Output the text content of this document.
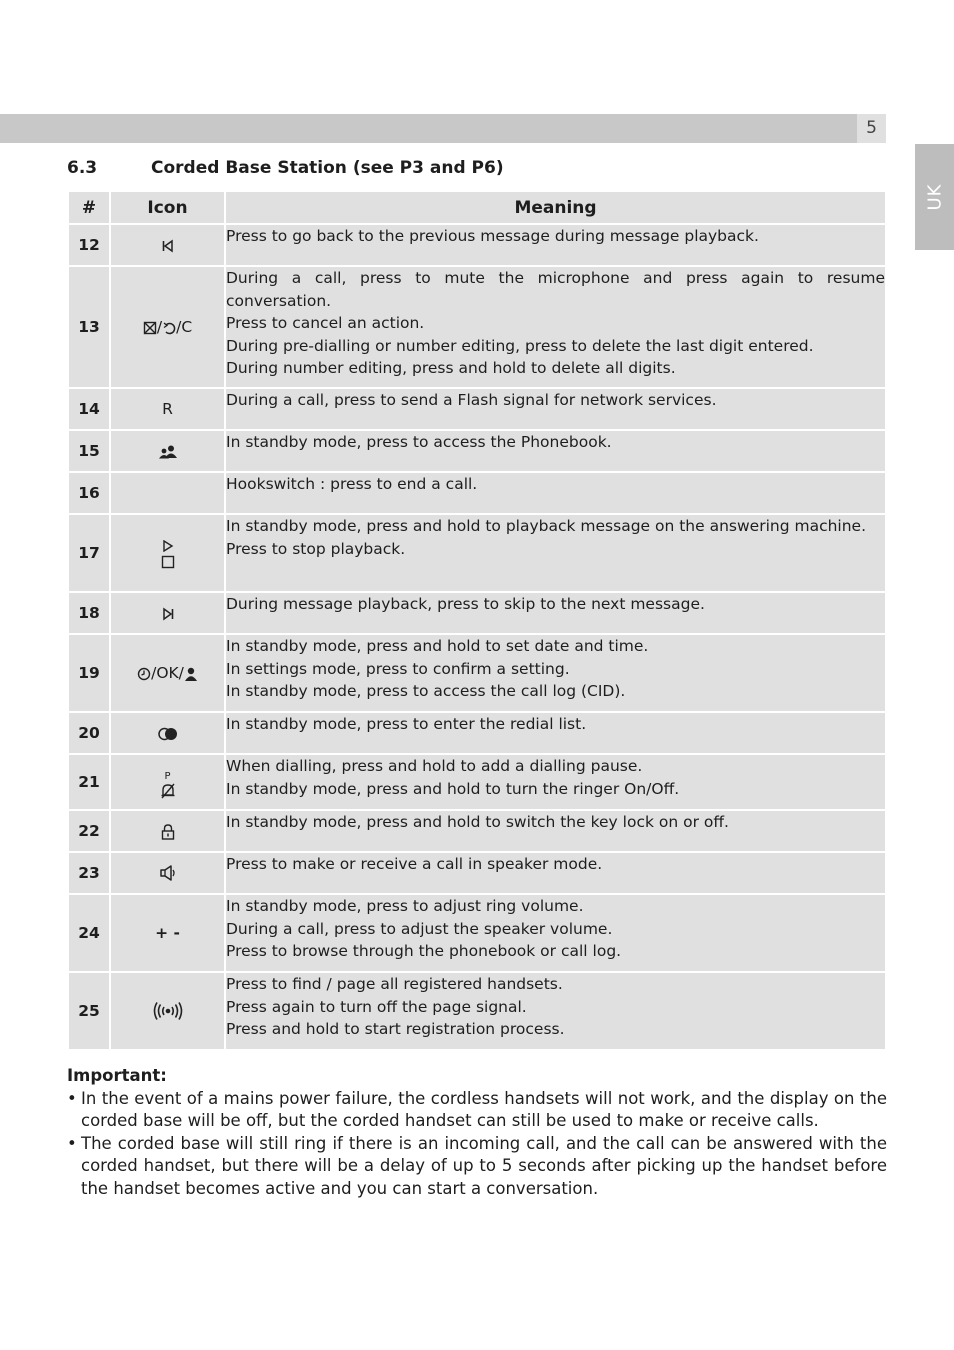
5
UK
6.3	Corded Base Station (see P3 and P6)
#	Icon	Meaning
12		Press to go back to the previous message during message playback.

13	/ /C	During a call, press to mute the microphone and press again to resume conversation.
Press to cancel an action.
During pre-dialling or number editing, press to delete the last digit entered.
During number editing, press and hold to delete all digits.

14	R	During a call, press to send a Flash signal for network services.

15		In standby mode, press to access the Phonebook.

16		Hookswitch : press to end a call.

17		In standby mode, press and hold to playback message on the answering machine.
Press to stop playback.

18		During message playback, press to skip to the next message.

19	/OK/	In standby mode, press and hold to set date and time.
In settings mode, press to confirm a setting.
In standby mode, press to access the call log (CID).

20		In standby mode, press to enter the redial list.

21	P	When dialling, press and hold to add a dialling pause.
In standby mode, press and hold to turn the ringer On/Off.

22		In standby mode, press and hold to switch the key lock on or off.

23		Press to make or receive a call in speaker mode.

24	+ -	In standby mode, press to adjust ring volume.
During a call, press to adjust the speaker volume.
Press to browse through the phonebook or call log.

25		Press to find / page all registered handsets.
Press again to turn off the page signal.
Press and hold to start registration process.
Important:
• In the event of a mains power failure, the cordless handsets will not work, and the display on the corded base will be off, but the corded handset can still be used to make or receive calls.
• The corded base will still ring if there is an incoming call, and the call can be answered with the corded handset, but there will be a delay of up to 5 seconds after picking up the handset before the handset becomes active and you can start a conversation.
